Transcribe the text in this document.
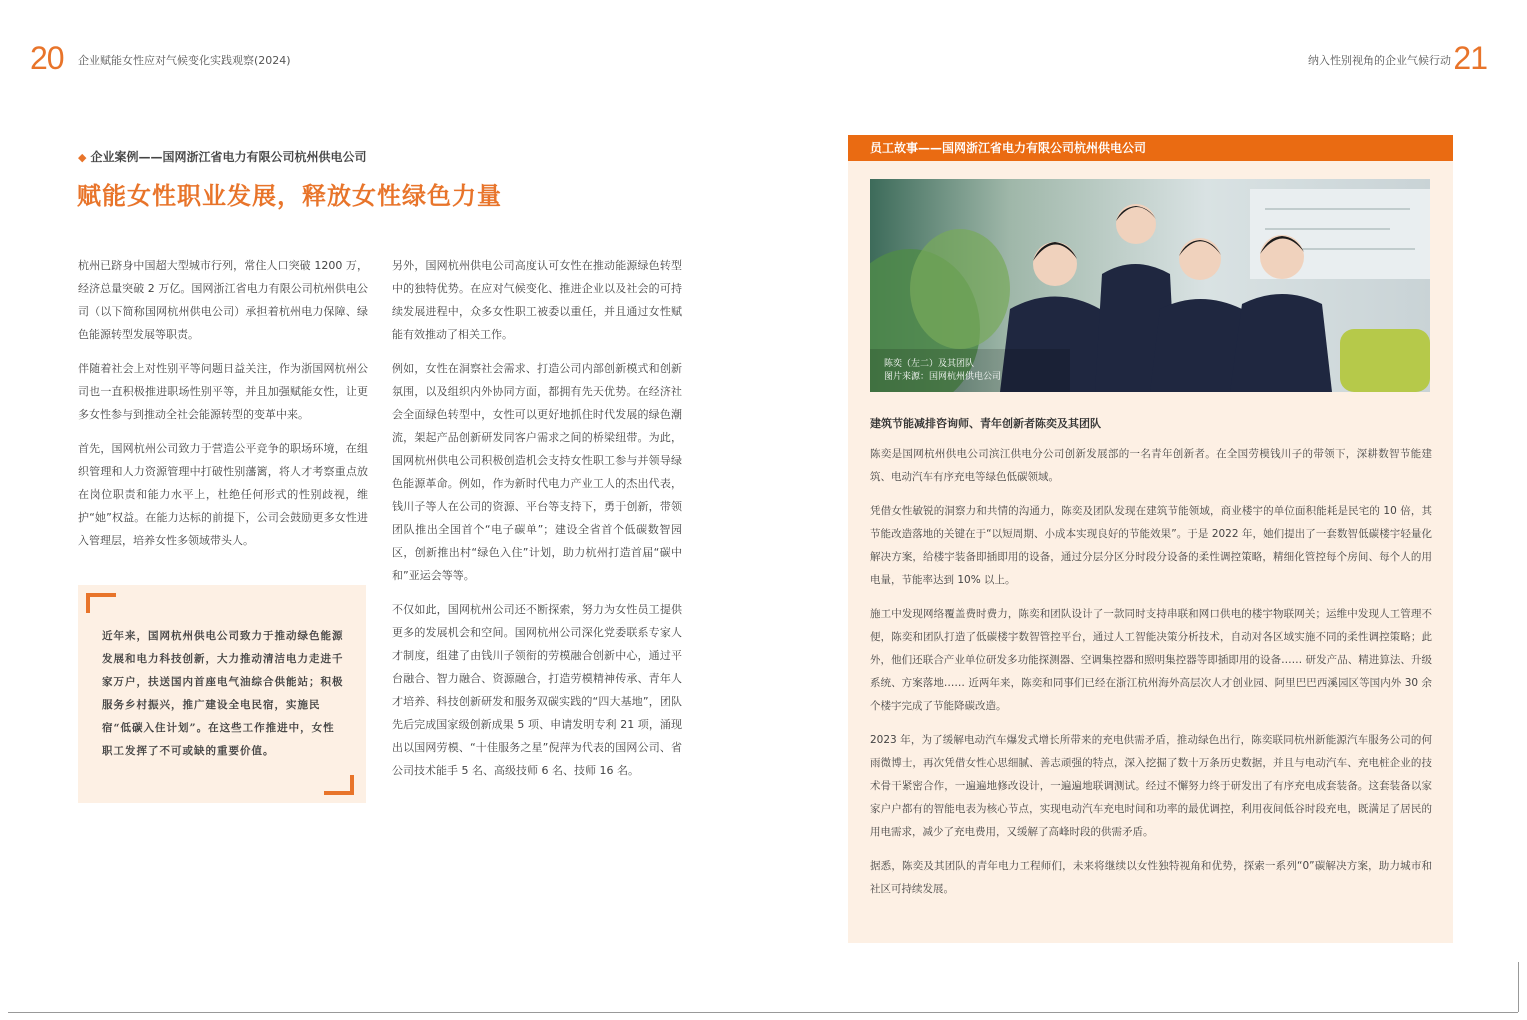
20 企业赋能女性应对气候变化实践观察(2024)	纳入性别视角的企业气候行动 21
◆ 企业案例——国网浙江省电力有限公司杭州供电公司
赋能女性职业发展，释放女性绿色力量

杭州已跻身中国超大型城市行列，常住人口突破 1200 万，经济总量突破 2 万亿。国网浙江省电力有限公司杭州供电公司（以下简称国网杭州供电公司）承担着杭州电力保障、绿色能源转型发展等职责。

伴随着社会上对性别平等问题日益关注，作为浙国网杭州公司也一直积极推进职场性别平等，并且加强赋能女性，让更多女性参与到推动全社会能源转型的变革中来。

首先，国网杭州公司致力于营造公平竞争的职场环境，在组织管理和人力资源管理中打破性别藩篱，将人才考察重点放在岗位职责和能力水平上，杜绝任何形式的性别歧视，维护“她”权益。在能力达标的前提下，公司会鼓励更多女性进入管理层，培养女性多领域带头人。

近年来，国网杭州供电公司致力于推动绿色能源发展和电力科技创新，大力推动清洁电力走进千家万户，扶送国内首座电气油综合供能站；积极服务乡村振兴，推广建设全电民宿，实施民宿“低碳入住计划”。在这些工作推进中，女性职工发挥了不可或缺的重要价值。

另外，国网杭州供电公司高度认可女性在推动能源绿色转型中的独特优势。在应对气候变化、推进企业以及社会的可持续发展进程中，众多女性职工被委以重任，并且通过女性赋能有效推动了相关工作。

例如，女性在洞察社会需求、打造公司内部创新模式和创新氛围，以及组织内外协同方面，都拥有先天优势。在经济社会全面绿色转型中，女性可以更好地抓住时代发展的绿色潮流，架起产品创新研发同客户需求之间的桥梁纽带。为此，国网杭州供电公司积极创造机会支持女性职工参与并领导绿色能源革命。例如，作为新时代电力产业工人的杰出代表，钱川子等人在公司的资源、平台等支持下，勇于创新，带领团队推出全国首个“电子碳单”；建设全省首个低碳数智园区，创新推出村“绿色入住”计划，助力杭州打造首届“碳中和”亚运会等等。

不仅如此，国网杭州公司还不断探索，努力为女性员工提供更多的发展机会和空间。国网杭州公司深化党委联系专家人才制度，组建了由钱川子领衔的劳模融合创新中心，通过平台融合、智力融合、资源融合，打造劳模精神传承、青年人才培养、科技创新研发和服务双碳实践的“四大基地”，团队先后完成国家级创新成果 5 项、申请发明专利 21 项，涌现出以国网劳模、“十佳服务之星”倪萍为代表的国网公司、省公司技术能手 5 名、高级技师 6 名、技师 16 名。

员工故事——国网浙江省电力有限公司杭州供电公司
陈奕（左二）及其团队
图片来源：国网杭州供电公司
建筑节能减排咨询师、青年创新者陈奕及其团队

陈奕是国网杭州供电公司滨江供电分公司创新发展部的一名青年创新者。在全国劳模钱川子的带领下，深耕数智节能建筑、电动汽车有序充电等绿色低碳领域。

凭借女性敏锐的洞察力和共情的沟通力，陈奕及团队发现在建筑节能领域，商业楼宇的单位面积能耗是民宅的 10 倍，其节能改造落地的关键在于“以短周期、小成本实现良好的节能效果”。于是 2022 年，她们提出了一套数智低碳楼宇轻量化解决方案，给楼宇装备即插即用的设备，通过分层分区分时段分设备的柔性调控策略，精细化管控每个房间、每个人的用电量，节能率达到 10% 以上。

施工中发现网络覆盖费时费力，陈奕和团队设计了一款同时支持串联和网口供电的楼宇物联网关；运维中发现人工管理不便，陈奕和团队打造了低碳楼宇数智管控平台，通过人工智能决策分析技术，自动对各区域实施不同的柔性调控策略；此外，他们还联合产业单位研发多功能探测器、空调集控器和照明集控器等即插即用的设备…… 研发产品、精进算法、升级系统、方案落地…… 近两年来，陈奕和同事们已经在浙江杭州海外高层次人才创业园、阿里巴巴西溪园区等国内外 30 余个楼宇完成了节能降碳改造。

2023 年，为了缓解电动汽车爆发式增长所带来的充电供需矛盾，推动绿色出行，陈奕联同杭州新能源汽车服务公司的何雨微博士，再次凭借女性心思细腻、善志顽强的特点，深入挖掘了数十万条历史数据，并且与电动汽车、充电桩企业的技术骨干紧密合作，一遍遍地修改设计，一遍遍地联调测试。经过不懈努力终于研发出了有序充电成套装备。这套装备以家家户户都有的智能电表为核心节点，实现电动汽车充电时间和功率的最优调控，利用夜间低谷时段充电，既满足了居民的用电需求，减少了充电费用，又缓解了高峰时段的供需矛盾。

据悉，陈奕及其团队的青年电力工程师们，未来将继续以女性独特视角和优势，探索一系列“0”碳解决方案，助力城市和社区可持续发展。
